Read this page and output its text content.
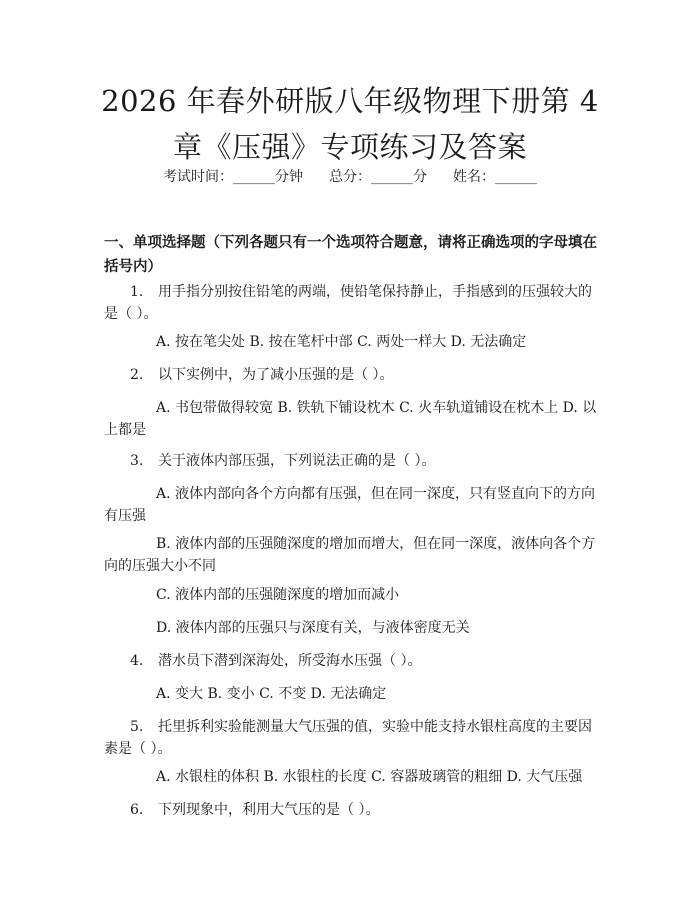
2026 年春外研版八年级物理下册第 4 章《压强》专项练习及答案
考试时间：______分钟 总分：______分 姓名：______
一、单项选择题（下列各题只有一个选项符合题意，请将正确选项的字母填在括号内）
1. 用手指分别按住铅笔的两端，使铅笔保持静止，手指感到的压强较大的是（ ）。
A. 按在笔尖处 B. 按在笔杆中部 C. 两处一样大 D. 无法确定
2. 以下实例中，为了减小压强的是（ ）。
A. 书包带做得较宽 B. 铁轨下铺设枕木 C. 火车轨道铺设在枕木上 D. 以上都是
3. 关于液体内部压强，下列说法正确的是（ ）。
A. 液体内部向各个方向都有压强，但在同一深度，只有竖直向下的方向有压强
B. 液体内部的压强随深度的增加而增大，但在同一深度，液体向各个方向的压强大小不同
C. 液体内部的压强随深度的增加而减小
D. 液体内部的压强只与深度有关，与液体密度无关
4. 潜水员下潜到深海处，所受海水压强（ ）。
A. 变大 B. 变小 C. 不变 D. 无法确定
5. 托里拆利实验能测量大气压强的值，实验中能支持水银柱高度的主要因素是（ ）。
A. 水银柱的体积 B. 水银柱的长度 C. 容器玻璃管的粗细 D. 大气压强
6. 下列现象中，利用大气压的是（ ）。
